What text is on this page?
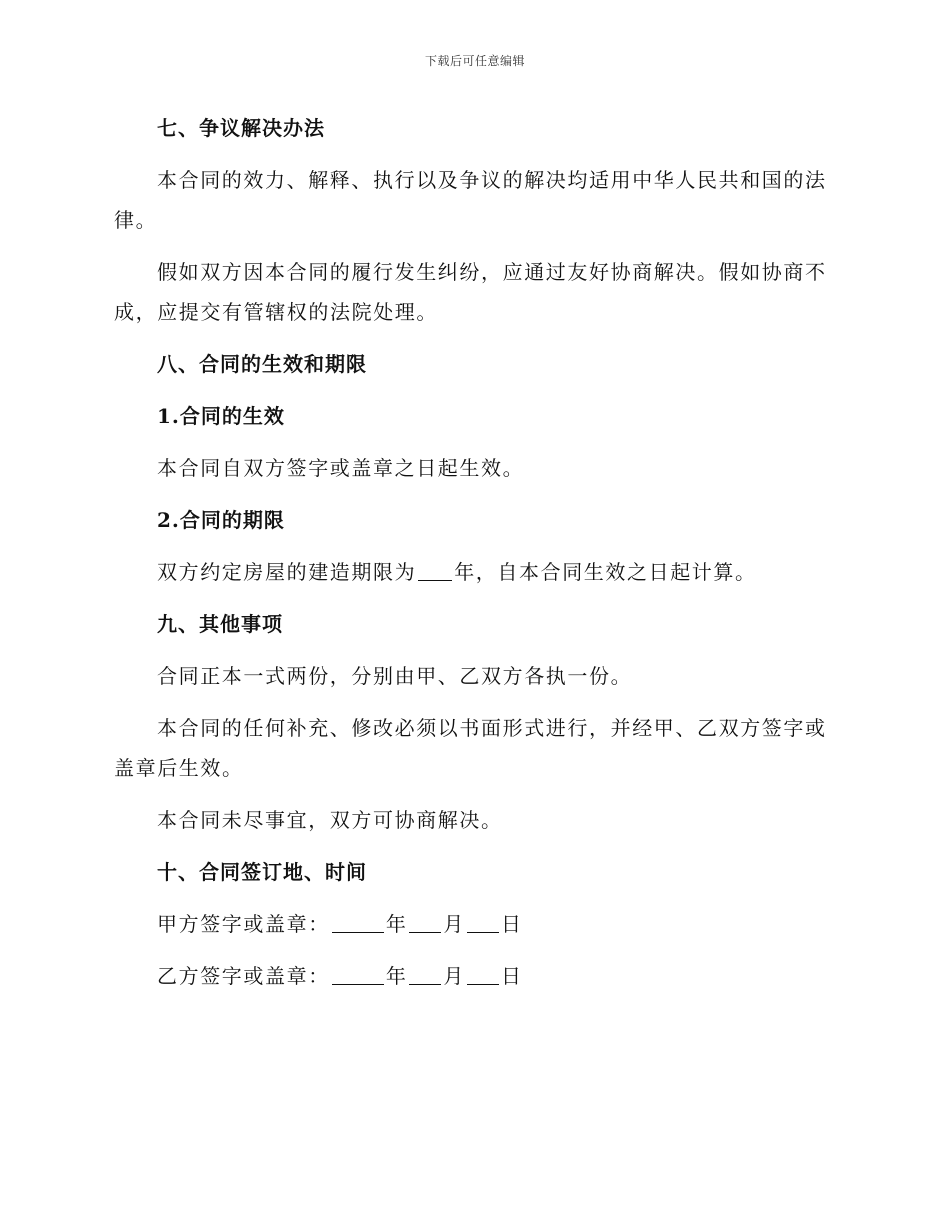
下载后可任意编辑
七、争议解决办法
本合同的效力、解释、执行以及争议的解决均适用中华人民共和国的法律。
假如双方因本合同的履行发生纠纷，应通过友好协商解决。假如协商不成，应提交有管辖权的法院处理。
八、合同的生效和期限
1.合同的生效
本合同自双方签字或盖章之日起生效。
2.合同的期限
双方约定房屋的建造期限为 年，自本合同生效之日起计算。
九、其他事项
合同正本一式两份，分别由甲、乙双方各执一份。
本合同的任何补充、修改必须以书面形式进行，并经甲、乙双方签字或盖章后生效。
本合同未尽事宜，双方可协商解决。
十、合同签订地、时间
甲方签字或盖章：	年 月 日
乙方签字或盖章：	年 月 日
